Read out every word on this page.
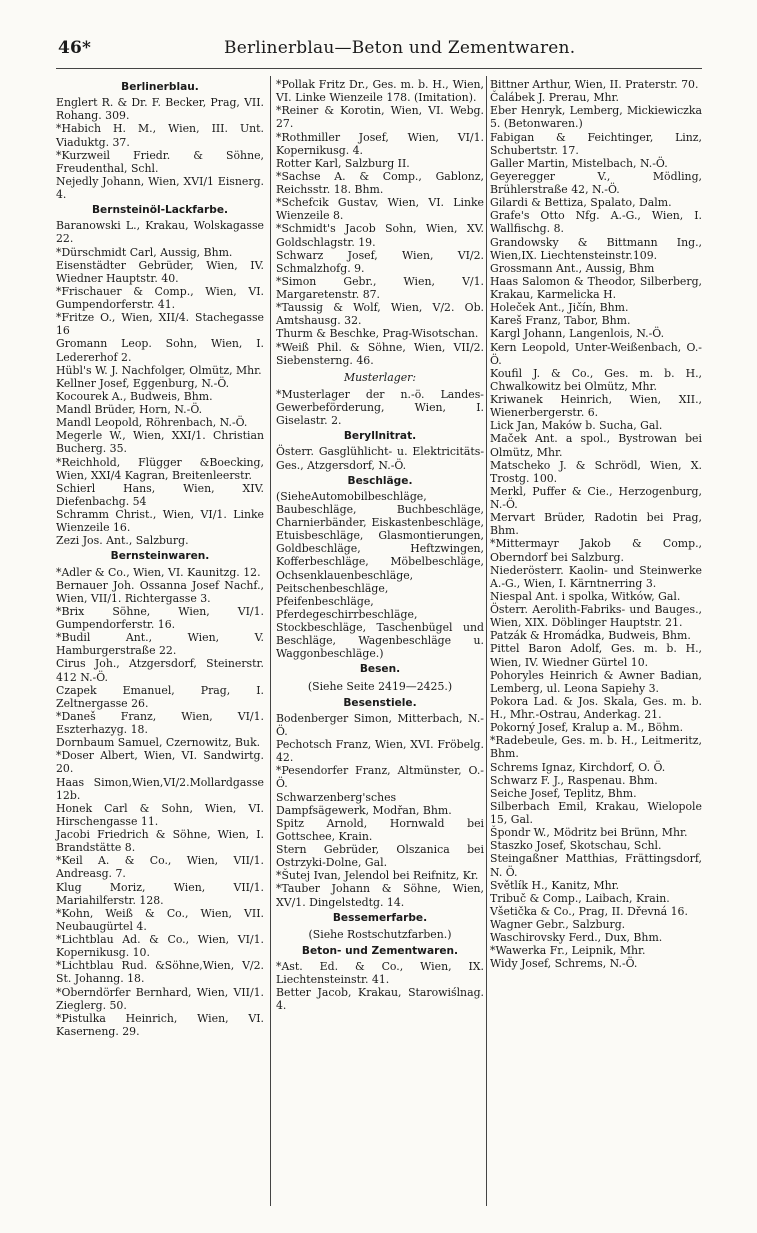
46*	Berlinerblau—Beton und Zementwaren.
Berlinerblau.
Englert R. & Dr. F. Becker, Prag, VII. Rohang. 309.
*Habich H. M., Wien, III. Unt. Viaduktg. 37.
*Kurzweil Friedr. & Söhne, Freudenthal, Schl.
Nejedly Johann, Wien, XVI/1 Eisnerg. 4.
Bernsteinöl-Lackfarbe.
Baranowski L., Krakau, Wolskagasse 22.
*Dürschmidt Carl, Aussig, Bhm.
Eisenstädter Gebrüder, Wien, IV. Wiedner Hauptstr. 40.
*Frischauer & Comp., Wien, VI. Gumpendorferstr. 41.
*Fritze O., Wien, XII/4. Stachegasse 16
Gromann Leop. Sohn, Wien, I. Ledererhof 2.
Hübl's W. J. Nachfolger, Olmütz, Mhr.
Kellner Josef, Eggenburg, N.-Ö.
Kocourek A., Budweis, Bhm.
Mandl Brüder, Horn, N.-Ö.
Mandl Leopold, Röhrenbach, N.-Ö.
Megerle W., Wien, XXI/1. Christian Bucherg. 35.
*Reichhold, Flügger &Boecking, Wien, XXI/4 Kagran, Breitenleerstr.
Schierl Hans, Wien, XIV. Diefenbachg. 54
Schramm Christ., Wien, VI/1. Linke Wienzeile 16.
Zezi Jos. Ant., Salzburg.
Bernsteinwaren.
*Adler & Co., Wien, VI. Kaunitzg. 12.
Bernauer Joh. Ossanna Josef Nachf., Wien, VII/1. Richtergasse 3.
*Brix Söhne, Wien, VI/1. Gumpendorferstr. 16.
*Budil Ant., Wien, V. Hamburgerstraße 22.
Cirus Joh., Atzgersdorf, Steinerstr. 412 N.-Ö.
Czapek Emanuel, Prag, I. Zeltnergasse 26.
*Daneš Franz, Wien, VI/1. Eszterhazyg. 18.
Dornbaum Samuel, Czernowitz, Buk.
*Doser Albert, Wien, VI. Sandwirtg. 20.
Haas Simon,Wien,VI/2.Mollardgasse 12b.
Honek Carl & Sohn, Wien, VI. Hirschengasse 11.
Jacobi Friedrich & Söhne, Wien, I. Brandstätte 8.
*Keil A. & Co., Wien, VII/1. Andreasg. 7.
Klug Moriz, Wien, VII/1. Mariahilferstr. 128.
*Kohn, Weiß & Co., Wien, VII. Neubaugürtel 4.
*Lichtblau Ad. & Co., Wien, VI/1. Kopernikusg. 10.
*Lichtblau Rud. &Söhne,Wien, V/2. St. Johanng. 18.
*Oberndörfer Bernhard, Wien, VII/1. Zieglerg. 50.
*Pistulka Heinrich, Wien, VI. Kaserneng. 29.
*Pollak Fritz Dr., Ges. m. b. H., Wien, VI. Linke Wienzeile 178. (Imitation).
*Reiner & Korotin, Wien, VI. Webg. 27.
*Rothmiller Josef, Wien, VI/1. Kopernikusg. 4.
Rotter Karl, Salzburg II.
*Sachse A. & Comp., Gablonz, Reichsstr. 18. Bhm.
*Schefcik Gustav, Wien, VI. Linke Wienzeile 8.
*Schmidt's Jacob Sohn, Wien, XV. Goldschlagstr. 19.
Schwarz Josef, Wien, VI/2. Schmalzhofg. 9.
*Simon Gebr., Wien, V/1. Margaretenstr. 87.
*Taussig & Wolf, Wien, V/2. Ob. Amtshausg. 32.
Thurm & Beschke, Prag-Wisotschan.
*Weiß Phil. & Söhne, Wien, VII/2. Siebensterng. 46.
Musterlager:
*Musterlager der n.-ö. Landes-Gewerbeförderung, Wien, I. Giselastr. 2.
Beryllnitrat.
Österr. Gasglühlicht- u. Elektricitäts-Ges., Atzgersdorf, N.-Ö.
Beschläge.
(SieheAutomobilbeschläge, Baubeschläge, Buchbeschläge, Charnierbänder, Eiskastenbeschläge, Etuisbeschläge, Glasmontierungen, Goldbeschläge, Heftzwingen, Kofferbeschläge, Möbelbeschläge, Ochsenklauenbeschläge, Peitschenbeschläge, Pfeifenbeschläge, Pferdegeschirrbeschläge, Stockbeschläge, Taschenbügel und Beschläge, Wagenbeschläge u. Waggonbeschläge.)
Besen.
(Siehe Seite 2419—2425.)
Besenstiele.
Bodenberger Simon, Mitterbach, N.-Ö.
Pechotsch Franz, Wien, XVI. Fröbelg. 42.
*Pesendorfer Franz, Altmünster, O.-Ö.
Schwarzenberg'sches Dampfsägewerk, Modřan, Bhm.
Spitz Arnold, Hornwald bei Gottschee, Krain.
Stern Gebrüder, Olszanica bei Ostrzyki-Dolne, Gal.
*Šutej Ivan, Jelendol bei Reifnitz, Kr.
*Tauber Johann & Söhne, Wien, XV/1. Dingelstedtg. 14.
Bessemerfarbe.
(Siehe Rostschutzfarben.)
Beton- und Zementwaren.
*Ast. Ed. & Co., Wien, IX. Liechtensteinstr. 41.
Better Jacob, Krakau, Starowiślnag. 4.
Bittner Arthur, Wien, II. Praterstr. 70.
Čalábek J. Prerau, Mhr.
Eber Henryk, Lemberg, Mickiewiczka 5. (Betonwaren.)
Fabigan & Feichtinger, Linz, Schubertstr. 17.
Galler Martin, Mistelbach, N.-Ö.
Geyeregger V., Mödling, Brühlerstraße 42, N.-Ö.
Gilardi & Bettiza, Spalato, Dalm.
Grafe's Otto Nfg. A.-G., Wien, I. Wallfischg. 8.
Grandowsky & Bittmann Ing., Wien,IX. Liechtensteinstr.109.
Grossmann Ant., Aussig, Bhm
Haas Salomon & Theodor, Silberberg, Krakau, Karmelicka H.
Holeček Ant., Jičín, Bhm.
Kareš Franz, Tabor, Bhm.
Kargl Johann, Langenlois, N.-Ö.
Kern Leopold, Unter-Weißenbach, O.-Ö.
Koufil J. & Co., Ges. m. b. H., Chwalkowitz bei Olmütz, Mhr.
Kriwanek Heinrich, Wien, XII., Wienerbergerstr. 6.
Lick Jan, Maków b. Sucha, Gal.
Maček Ant. a spol., Bystrowan bei Olmütz, Mhr.
Matscheko J. & Schrödl, Wien, X. Trostg. 100.
Merkl, Puffer & Cie., Herzogenburg, N.-Ö.
Mervart Brüder, Radotin bei Prag, Bhm.
*Mittermayr Jakob & Comp., Oberndorf bei Salzburg.
Niederösterr. Kaolin- und Steinwerke A.-G., Wien, I. Kärntnerring 3.
Niespal Ant. i spolka, Witków, Gal.
Österr. Aerolith-Fabriks- und Bauges., Wien, XIX. Döblinger Hauptstr. 21.
Patzák & Hromádka, Budweis, Bhm.
Pittel Baron Adolf, Ges. m. b. H., Wien, IV. Wiedner Gürtel 10.
Pohoryles Heinrich & Awner Badian, Lemberg, ul. Leona Sapiehy 3.
Pokora Lad. & Jos. Skala, Ges. m. b. H., Mhr.-Ostrau, Anderkag. 21.
Pokorný Josef, Kralup a. M., Böhm.
*Radebeule, Ges. m. b. H., Leitmeritz, Bhm.
Schrems Ignaz, Kirchdorf, O. Ö.
Schwarz F. J., Raspenau. Bhm.
Seiche Josef, Teplitz, Bhm.
Silberbach Emil, Krakau, Wielopole 15, Gal.
Špondr W., Mödritz bei Brünn, Mhr.
Staszko Josef, Skotschau, Schl.
Steingaßner Matthias, Frättingsdorf, N. Ö.
Světlík H., Kanitz, Mhr.
Tribuč & Comp., Laibach, Krain.
Všetička & Co., Prag, II. Dřevná 16.
Wagner Gebr., Salzburg.
Waschirovsky Ferd., Dux, Bhm.
*Wawerka Fr., Leipnik, Mhr.
Widy Josef, Schrems, N.-Ö.
